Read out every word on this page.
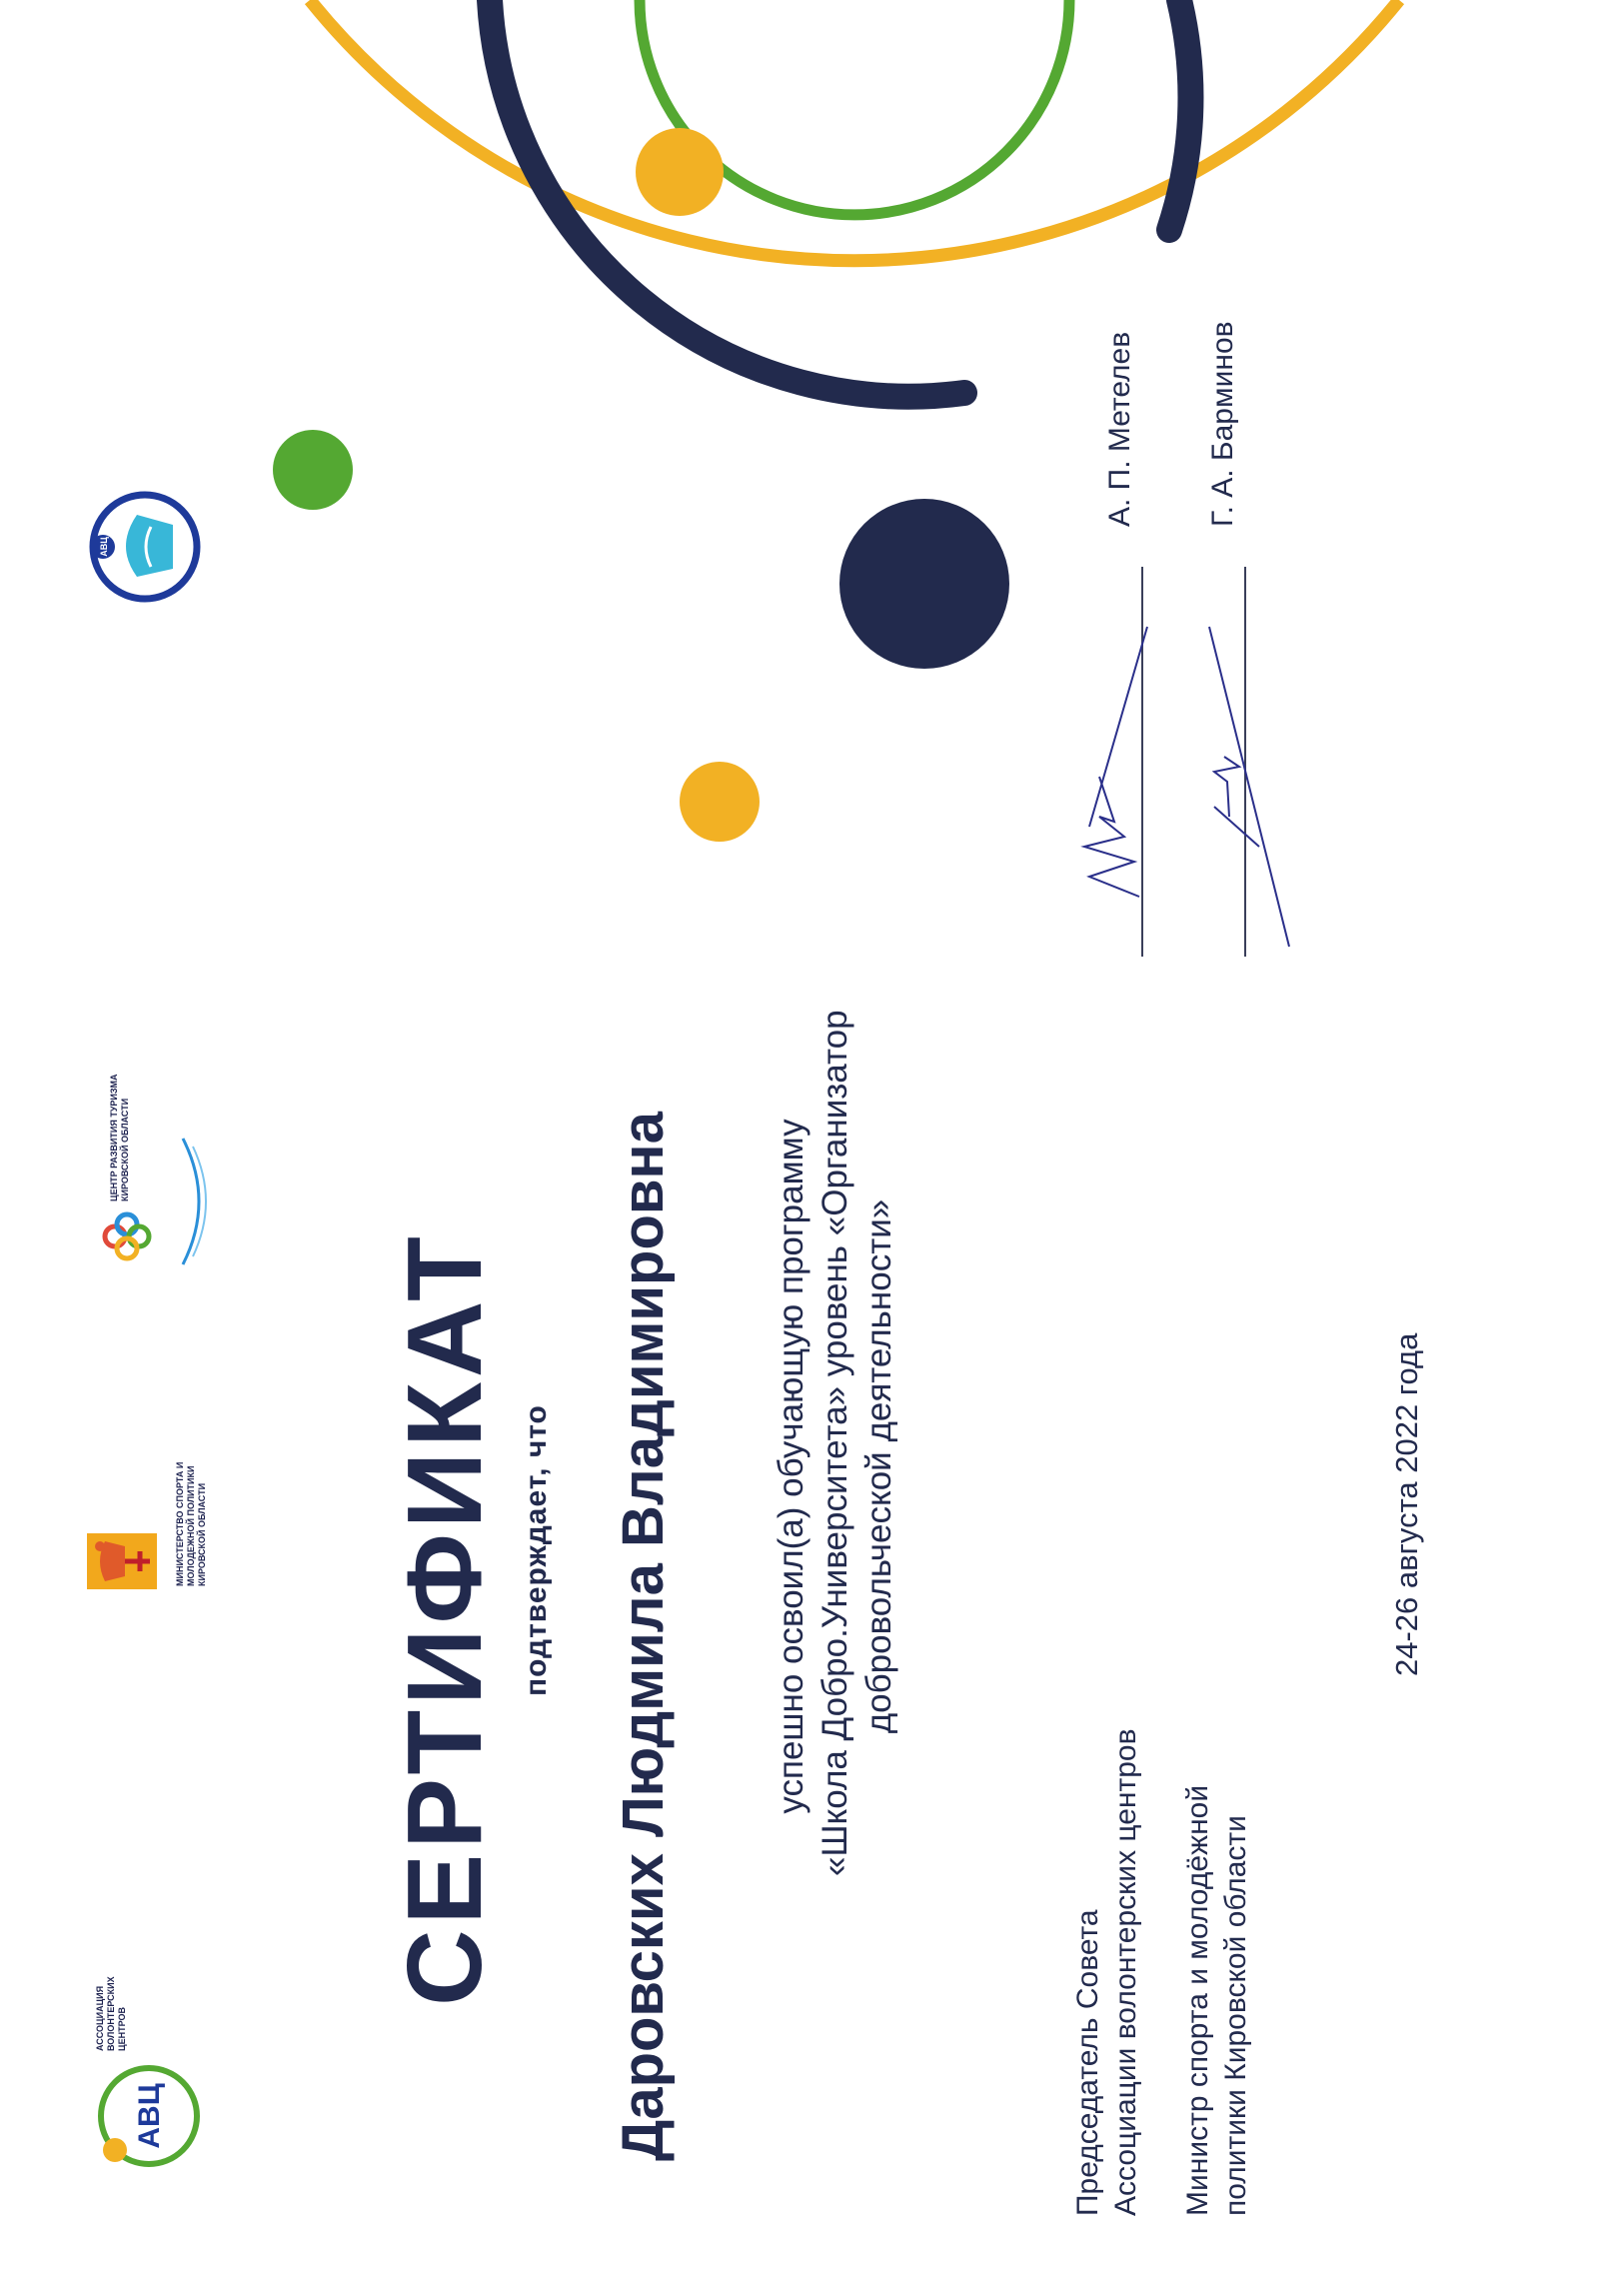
АВЦ
АССОЦИАЦИЯ ВОЛОНТЕРСКИХ ЦЕНТРОВ
МИНИСТЕРСТВО СПОРТА И МОЛОДЕЖНОЙ ПОЛИТИКИ КИРОВСКОЙ ОБЛАСТИ
ЦЕНТР РАЗВИТИЯ ТУРИЗМА КИРОВСКОЙ ОБЛАСТИ
АВЦ
СЕРТИФИКАТ подтверждает, что Даровских Людмила Владимировна	успешно освоил(а) обучающую программу «Школа Добро.Университета» уровень «Организатор добровольческой деятельности»
Председатель Совета Ассоциации волонтерских центров
А. П. Метелев
Министр спорта и молодёжной политики Кировской области
Г. А. Барминов
24-26 августа 2022 года
